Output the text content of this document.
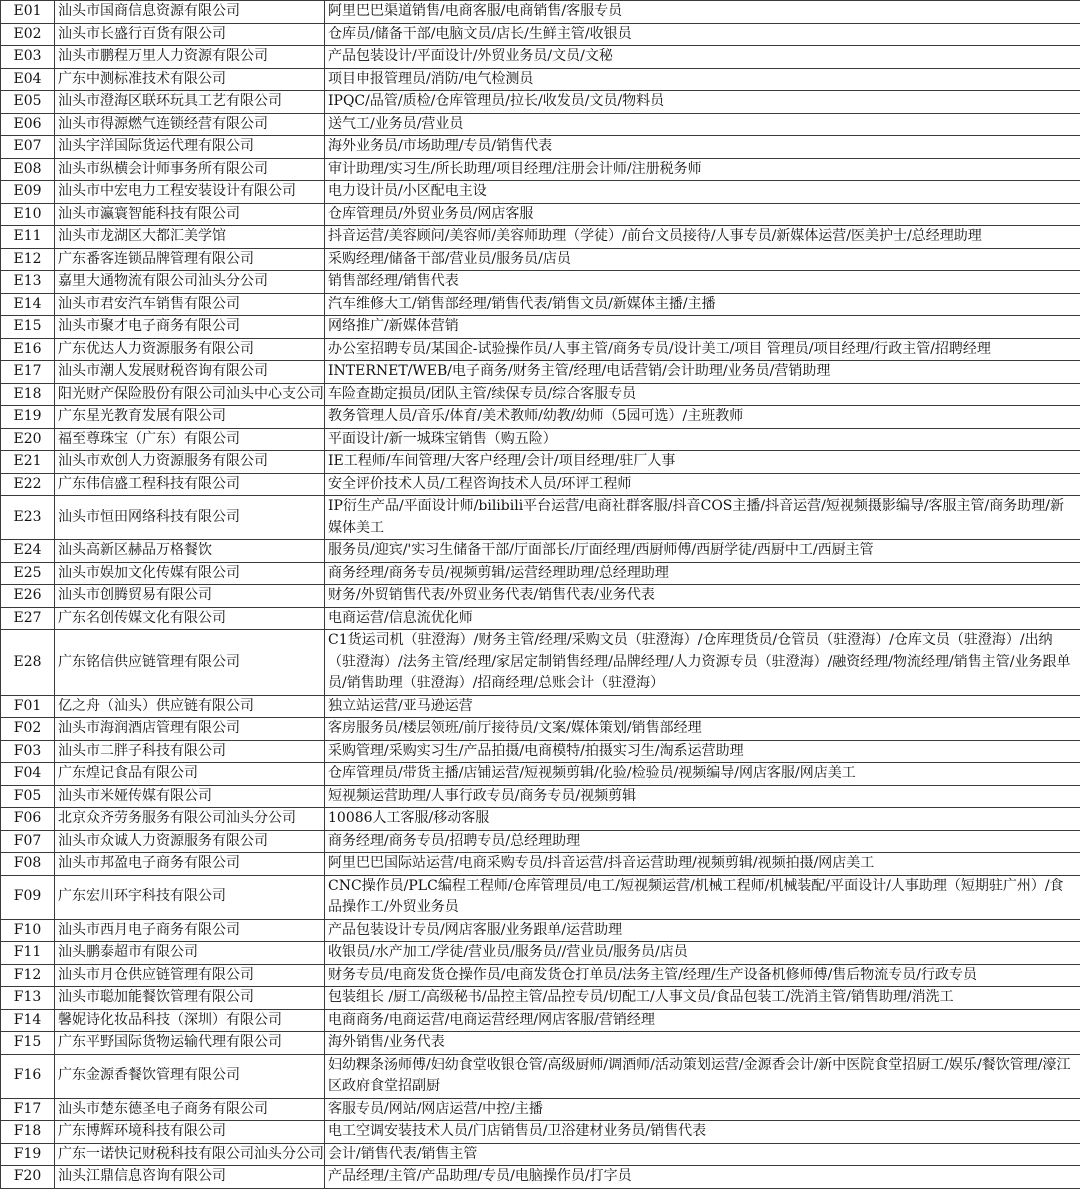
E01	汕头市国商信息资源有限公司	阿里巴巴渠道销售/电商客服/电商销售/客服专员
E02	汕头市长盛行百货有限公司	仓库员/储备干部/电脑文员/店长/生鲜主管/收银员
E03	汕头市鹏程万里人力资源有限公司	产品包装设计/平面设计/外贸业务员/文员/文秘
E04	广东中测标准技术有限公司	项目申报管理员/消防/电气检测员
E05	汕头市澄海区联环玩具工艺有限公司	IPQC/品管/质检/仓库管理员/拉长/收发员/文员/物料员
E06	汕头市得源燃气连锁经营有限公司	送气工/业务员/营业员
E07	汕头宇洋国际货运代理有限公司	海外业务员/市场助理/专员/销售代表
E08	汕头市纵横会计师事务所有限公司	审计助理/实习生/所长助理/项目经理/注册会计师/注册税务师
E09	汕头市中宏电力工程安装设计有限公司	电力设计员/小区配电主设
E10	汕头市瀛寰智能科技有限公司	仓库管理员/外贸业务员/网店客服
E11	汕头市龙湖区大都汇美学馆	抖音运营/美容顾问/美容师/美容师助理（学徒）/前台文员接待/人事专员/新媒体运营/医美护士/总经理助理
E12	广东番客连锁品牌管理有限公司	采购经理/储备干部/营业员/服务员/店员
E13	嘉里大通物流有限公司汕头分公司	销售部经理/销售代表
E14	汕头市君安汽车销售有限公司	汽车维修大工/销售部经理/销售代表/销售文员/新媒体主播/主播
E15	汕头市聚才电子商务有限公司	网络推广/新媒体营销
E16	广东优达人力资源服务有限公司	办公室招聘专员/某国企-试验操作员/人事主管/商务专员/设计美工/项目 管理员/项目经理/行政主管/招聘经理
E17	汕头市潮人发展财税咨询有限公司	INTERNET/WEB/电子商务/财务主管/经理/电话营销/会计助理/业务员/营销助理
E18	阳光财产保险股份有限公司汕头中心支公司	车险查勘定损员/团队主管/续保专员/综合客服专员
E19	广东星光教育发展有限公司	教务管理人员/音乐/体育/美术教师/幼教/幼师（5园可选）/主班教师
E20	福至尊珠宝（广东）有限公司	平面设计/新一城珠宝销售（购五险）
E21	汕头市欢创人力资源服务有限公司	IE工程师/车间管理/大客户经理/会计/项目经理/驻厂人事
E22	广东伟信盛工程科技有限公司	安全评价技术人员/工程咨询技术人员/环评工程师
E23	汕头市恒田网络科技有限公司	IP衍生产品/平面设计师/bilibili平台运营/电商社群客服/抖音COS主播/抖音运营/短视频摄影编导/客服主管/商务助理/新媒体美工
E24	汕头高新区赫品万格餐饮	服务员/迎宾/'实习生储备干部/厅面部长/厅面经理/西厨师傅/西厨学徒/西厨中工/西厨主管
E25	汕头市娱加文化传媒有限公司	商务经理/商务专员/视频剪辑/运营经理助理/总经理助理
E26	汕头市创腾贸易有限公司	财务/外贸销售代表/外贸业务代表/销售代表/业务代表
E27	广东名创传媒文化有限公司	电商运营/信息流优化师
E28	广东铭信供应链管理有限公司	C1货运司机（驻澄海）/财务主管/经理/采购文员（驻澄海）/仓库理货员/仓管员（驻澄海）/仓库文员（驻澄海）/出纳（驻澄海）/法务主管/经理/家居定制销售经理/品牌经理/人力资源专员（驻澄海）/融资经理/物流经理/销售主管/业务跟单员/销售助理（驻澄海）/招商经理/总账会计（驻澄海）
F01	亿之舟（汕头）供应链有限公司	独立站运营/亚马逊运营
F02	汕头市海润酒店管理有限公司	客房服务员/楼层领班/前厅接待员/文案/媒体策划/销售部经理
F03	汕头市二胖子科技有限公司	采购管理/采购实习生/产品拍摄/电商模特/拍摄实习生/淘系运营助理
F04	广东煌记食品有限公司	仓库管理员/带货主播/店铺运营/短视频剪辑/化验/检验员/视频编导/网店客服/网店美工
F05	汕头市米娅传媒有限公司	短视频运营助理/人事行政专员/商务专员/视频剪辑
F06	北京众齐劳务服务有限公司汕头分公司	10086人工客服/移动客服
F07	汕头市众诚人力资源服务有限公司	商务经理/商务专员/招聘专员/总经理助理
F08	汕头市邦盈电子商务有限公司	阿里巴巴国际站运营/电商采购专员/抖音运营/抖音运营助理/视频剪辑/视频拍摄/网店美工
F09	广东宏川环宇科技有限公司	CNC操作员/PLC编程工程师/仓库管理员/电工/短视频运营/机械工程师/机械装配/平面设计/人事助理（短期驻广州）/食品操作工/外贸业务员
F10	汕头市西月电子商务有限公司	产品包装设计专员/网店客服/业务跟单/运营助理
F11	汕头鹏泰超市有限公司	收银员/水产加工/学徒/营业员/服务员//营业员/服务员/店员
F12	汕头市月仓供应链管理有限公司	财务专员/电商发货仓操作员/电商发货仓打单员/法务主管/经理/生产设备机修师傅/售后物流专员/行政专员
F13	汕头市聪加能餐饮管理有限公司	包装组长 /厨工/高级秘书/品控主管/品控专员/切配工/人事文员/食品包装工/洗消主管/销售助理/消洗工
F14	馨妮诗化妆品科技（深圳）有限公司	电商商务/电商运营/电商运营经理/网店客服/营销经理
F15	广东平野国际货物运输代理有限公司	海外销售/业务代表
F16	广东金源香餐饮管理有限公司	妇幼粿条汤师傅/妇幼食堂收银仓管/高级厨师/调酒师/活动策划运营/金源香会计/新中医院食堂招厨工/娱乐/餐饮管理/濠江区政府食堂招副厨
F17	汕头市楚东德圣电子商务有限公司	客服专员/网站/网店运营/中控/主播
F18	广东博辉环境科技有限公司	电工空调安装技术人员/门店销售员/卫浴建材业务员/销售代表
F19	广东一诺快记财税科技有限公司汕头分公司	会计/销售代表/销售主管
F20	汕头江鼎信息咨询有限公司	产品经理/主管/产品助理/专员/电脑操作员/打字员
